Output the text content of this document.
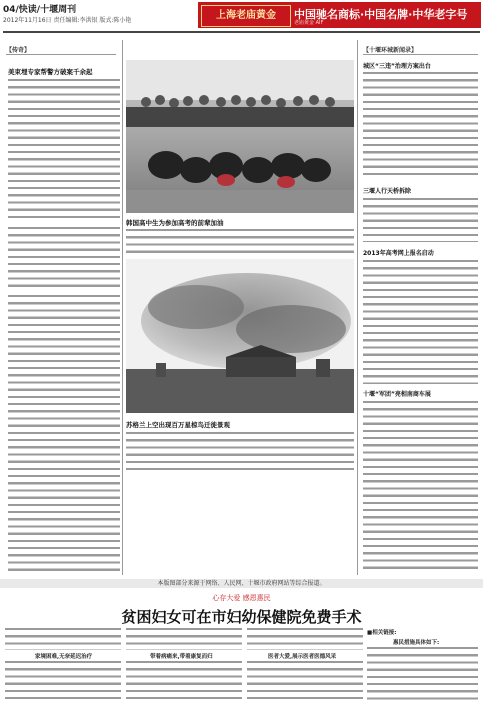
04/快读/十堰周刊
2012年11月16日 责任编辑:李洪银 版式:陈小艳	上海老庙黄金	中国驰名商标·中国名牌·中华老字号
老庙黄金 AIF
【传奇】
美束埋专家帮警方破案千余起
韩国高中生为参加高考的前辈加油
苏格兰上空出现百万星椋鸟迁徙景观
【十堰环城新闻录】
城区“三违”治理方案出台
三堰人行天桥拆除
2013年高考网上报名启动
十堰“军团”亮相南商车展
本版图部分来源于网络、人民网、十堰市政府网站等综合报道。
心存大爱 感恩惠民
贫困妇女可在市妇幼保健院免费手术
家境困难,无奈延迟治疗	带着病痛来,带着康复而归	医者大爱,展示医者医德风采
■相关链接:
惠民措施具体如下:
